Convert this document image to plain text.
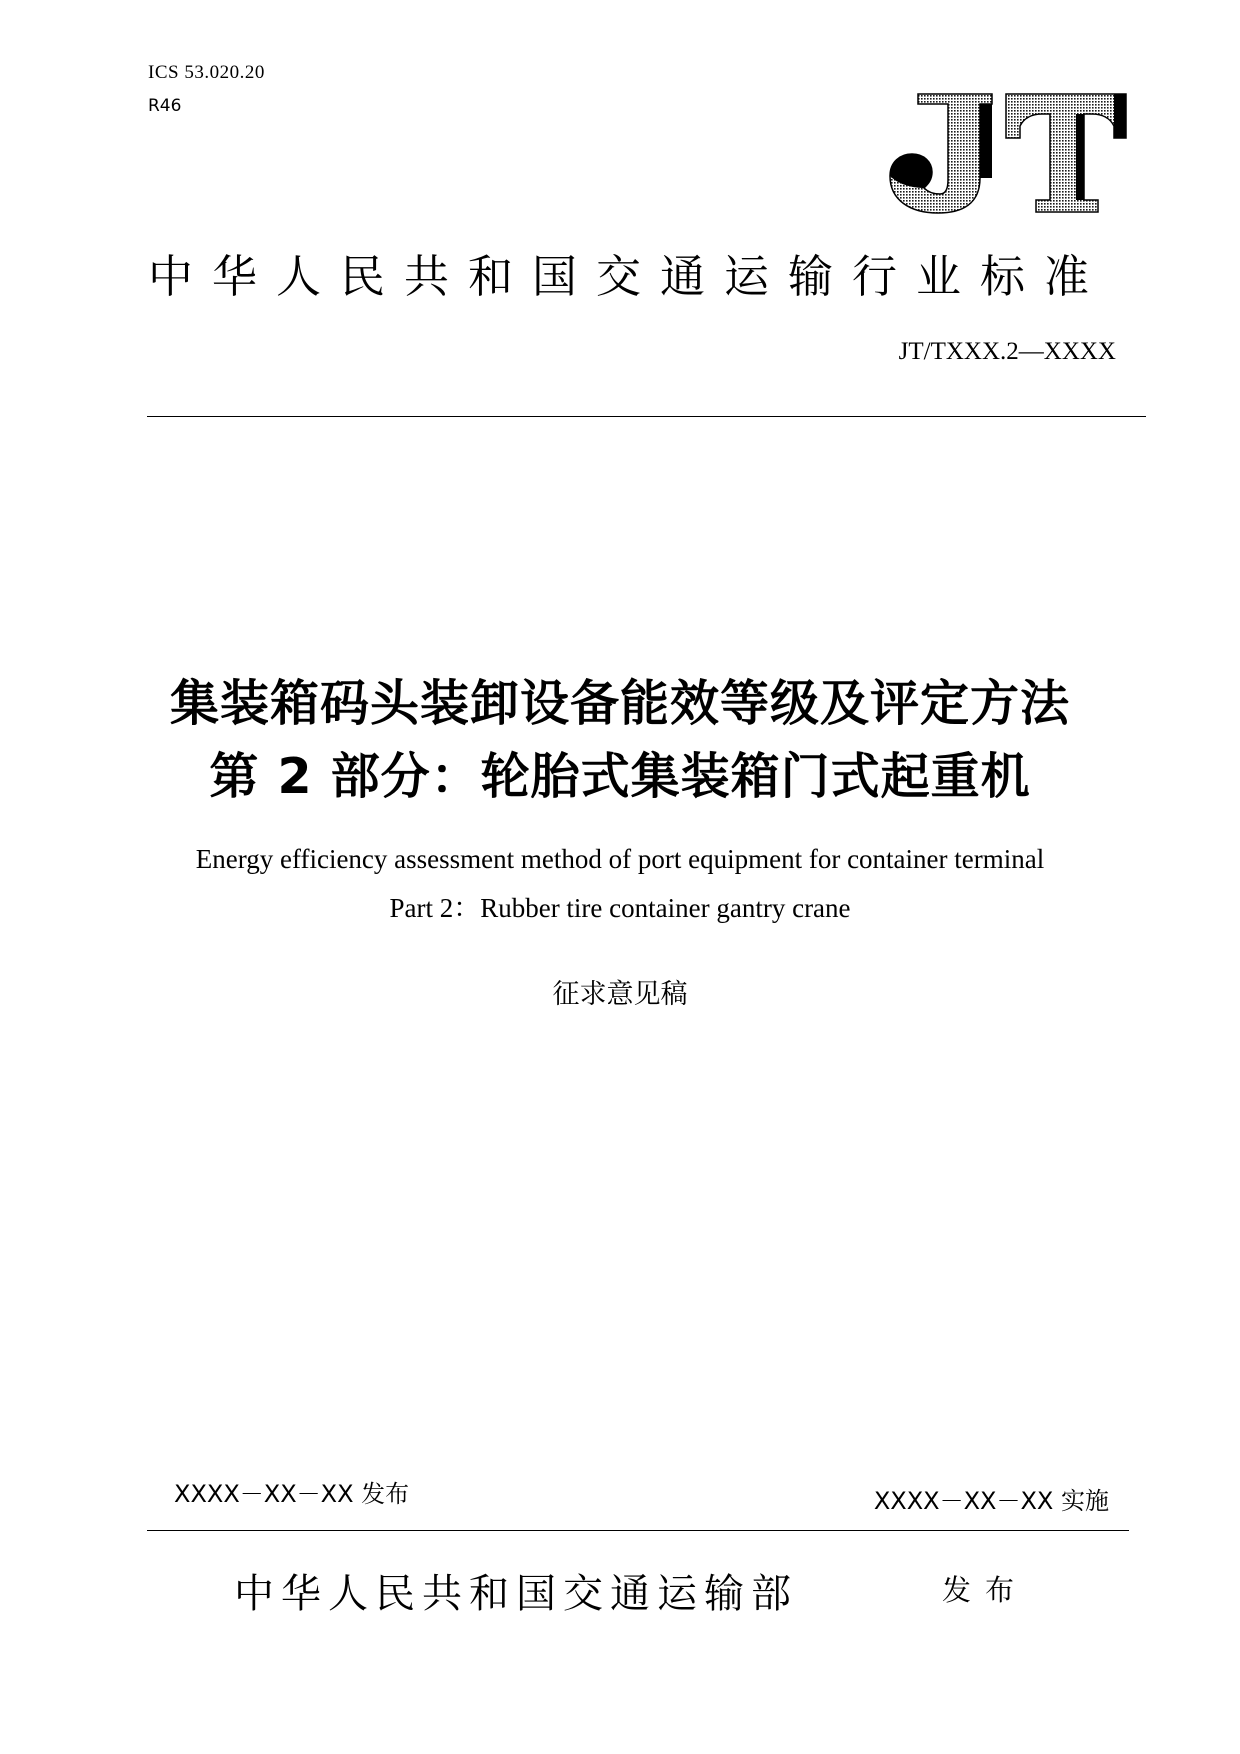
ICS 53.020.20
R46
中华人民共和国交通运输行业标准
JT/TXXX.2—XXXX
集装箱码头装卸设备能效等级及评定方法
第 2 部分：轮胎式集装箱门式起重机
Energy efficiency assessment method of port equipment for container terminal
Part 2：Rubber tire container gantry crane
征求意见稿
XXXX－XX－XX 发布	XXXX－XX－XX 实施
中华人民共和国交通运输部	发布
